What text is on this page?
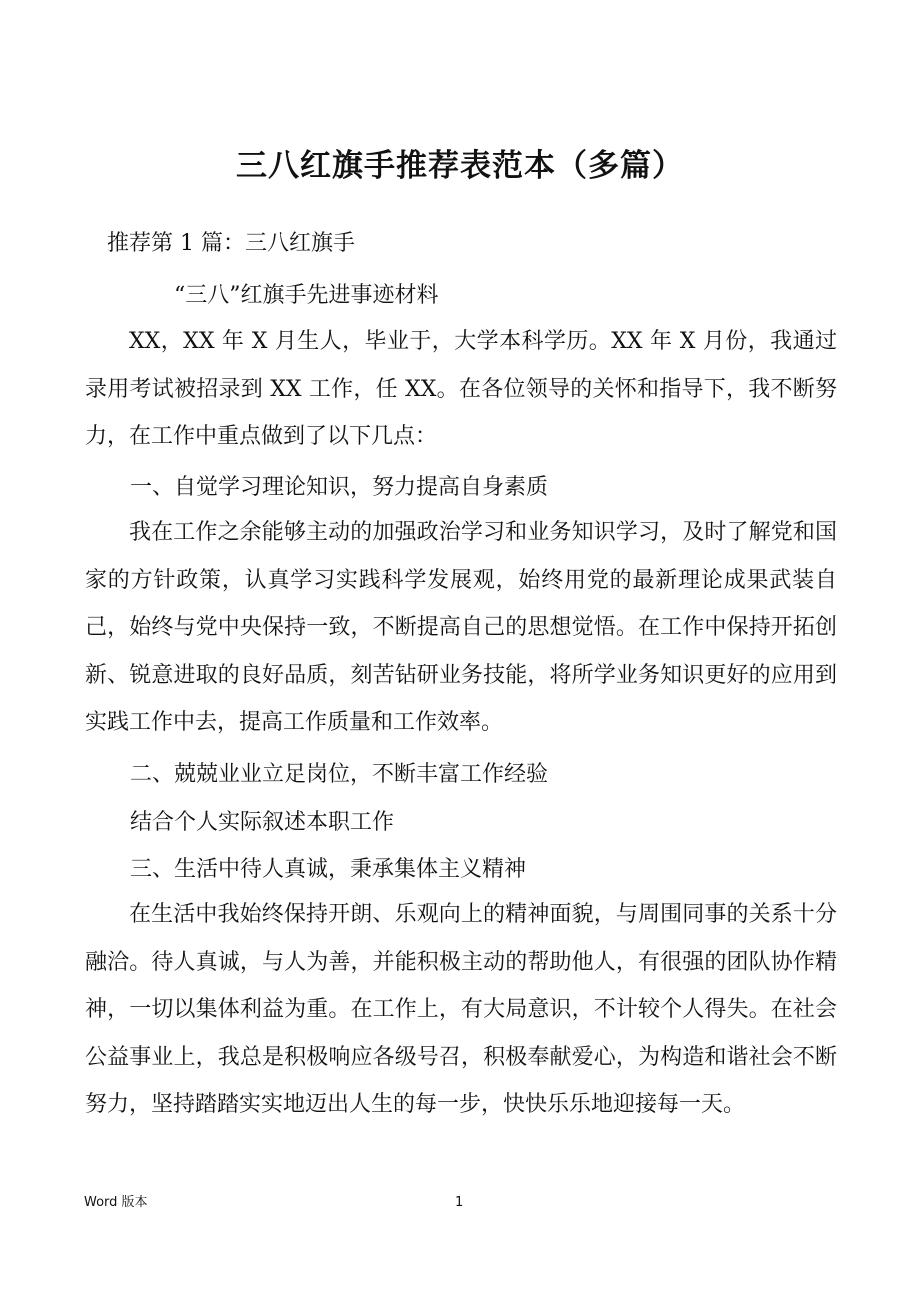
三八红旗手推荐表范本（多篇）
推荐第 1 篇：三八红旗手
“三八”红旗手先进事迹材料

XX，XX 年 X 月生人，毕业于，大学本科学历。XX 年 X 月份，我通过录用考试被招录到 XX 工作，任 XX。在各位领导的关怀和指导下，我不断努力，在工作中重点做到了以下几点：

一、自觉学习理论知识，努力提高自身素质

我在工作之余能够主动的加强政治学习和业务知识学习，及时了解党和国家的方针政策，认真学习实践科学发展观，始终用党的最新理论成果武装自己，始终与党中央保持一致，不断提高自己的思想觉悟。在工作中保持开拓创新、锐意进取的良好品质，刻苦钻研业务技能，将所学业务知识更好的应用到实践工作中去，提高工作质量和工作效率。

二、兢兢业业立足岗位，不断丰富工作经验
结合个人实际叙述本职工作
三、生活中待人真诚，秉承集体主义精神

在生活中我始终保持开朗、乐观向上的精神面貌，与周围同事的关系十分融洽。待人真诚，与人为善，并能积极主动的帮助他人，有很强的团队协作精神，一切以集体利益为重。在工作上，有大局意识，不计较个人得失。在社会公益事业上，我总是积极响应各级号召，积极奉献爱心，为构造和谐社会不断努力，坚持踏踏实实地迈出人生的每一步，快快乐乐地迎接每一天。

Word 版本	1
